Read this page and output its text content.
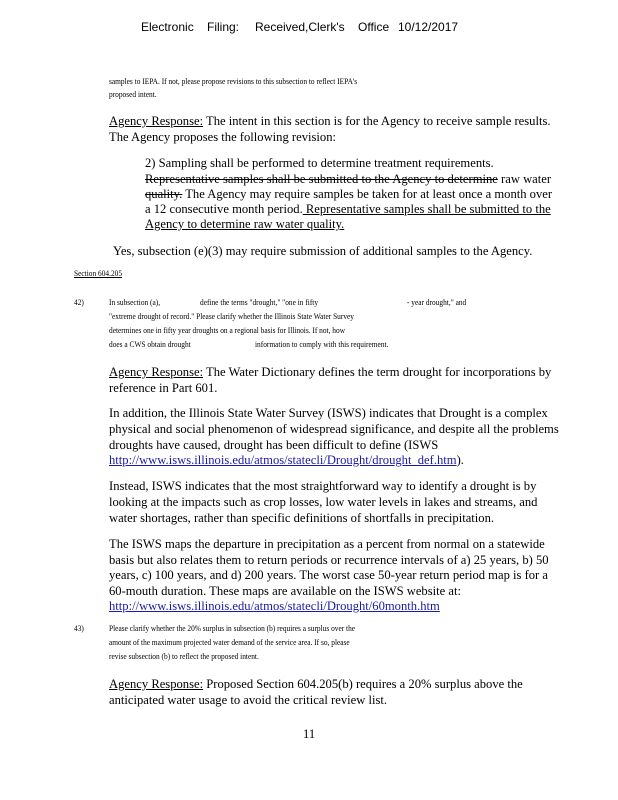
Electronic Filing: Received,Clerk's Office 10/12/2017
samples to IEPA. If not, please propose revisions to this subsection to reflect IEPA's
proposed intent.
Agency Response: The intent in this section is for the Agency to receive sample results.
The Agency proposes the following revision:
2) Sampling shall be performed to determine treatment requirements.
Representative samples shall be submitted to the Agency to determine raw water
quality. The Agency may require samples be taken for at least once a month over
a 12 consecutive month period. Representative samples shall be submitted to the
Agency to determine raw water quality.
Yes, subsection (e)(3) may require submission of additional samples to the Agency.
Section 604.205
42)	In subsection (a),	define the terms "drought," "one in fifty	- year drought," and
"extreme drought of record." Please clarify whether the Illinois State Water Survey
determines one in fifty year droughts on a regional basis for Illinois. If not, how
does a CWS obtain drought	information to comply with this requirement.
Agency Response: The Water Dictionary defines the term drought for incorporations by
reference in Part 601.
In addition, the Illinois State Water Survey (ISWS) indicates that Drought is a complex
physical and social phenomenon of widespread significance, and despite all the problems
droughts have caused, drought has been difficult to define (ISWS
http://www.isws.illinois.edu/atmos/statecli/Drought/drought_def.htm).
Instead, ISWS indicates that the most straightforward way to identify a drought is by
looking at the impacts such as crop losses, low water levels in lakes and streams, and
water shortages, rather than specific definitions of shortfalls in precipitation.
The ISWS maps the departure in precipitation as a percent from normal on a statewide
basis but also relates them to return periods or recurrence intervals of a) 25 years, b) 50
years, c) 100 years, and d) 200 years. The worst case 50-year return period map is for a
60-mouth duration. These maps are available on the ISWS website at:
http://www.isws.illinois.edu/atmos/statecli/Drought/60month.htm
43)	Please clarify whether the 20% surplus in subsection (b) requires a surplus over the
amount of the maximum projected water demand of the service area. If so, please
revise subsection (b) to reflect the proposed intent.
Agency Response: Proposed Section 604.205(b) requires a 20% surplus above the
anticipated water usage to avoid the critical review list.
11
